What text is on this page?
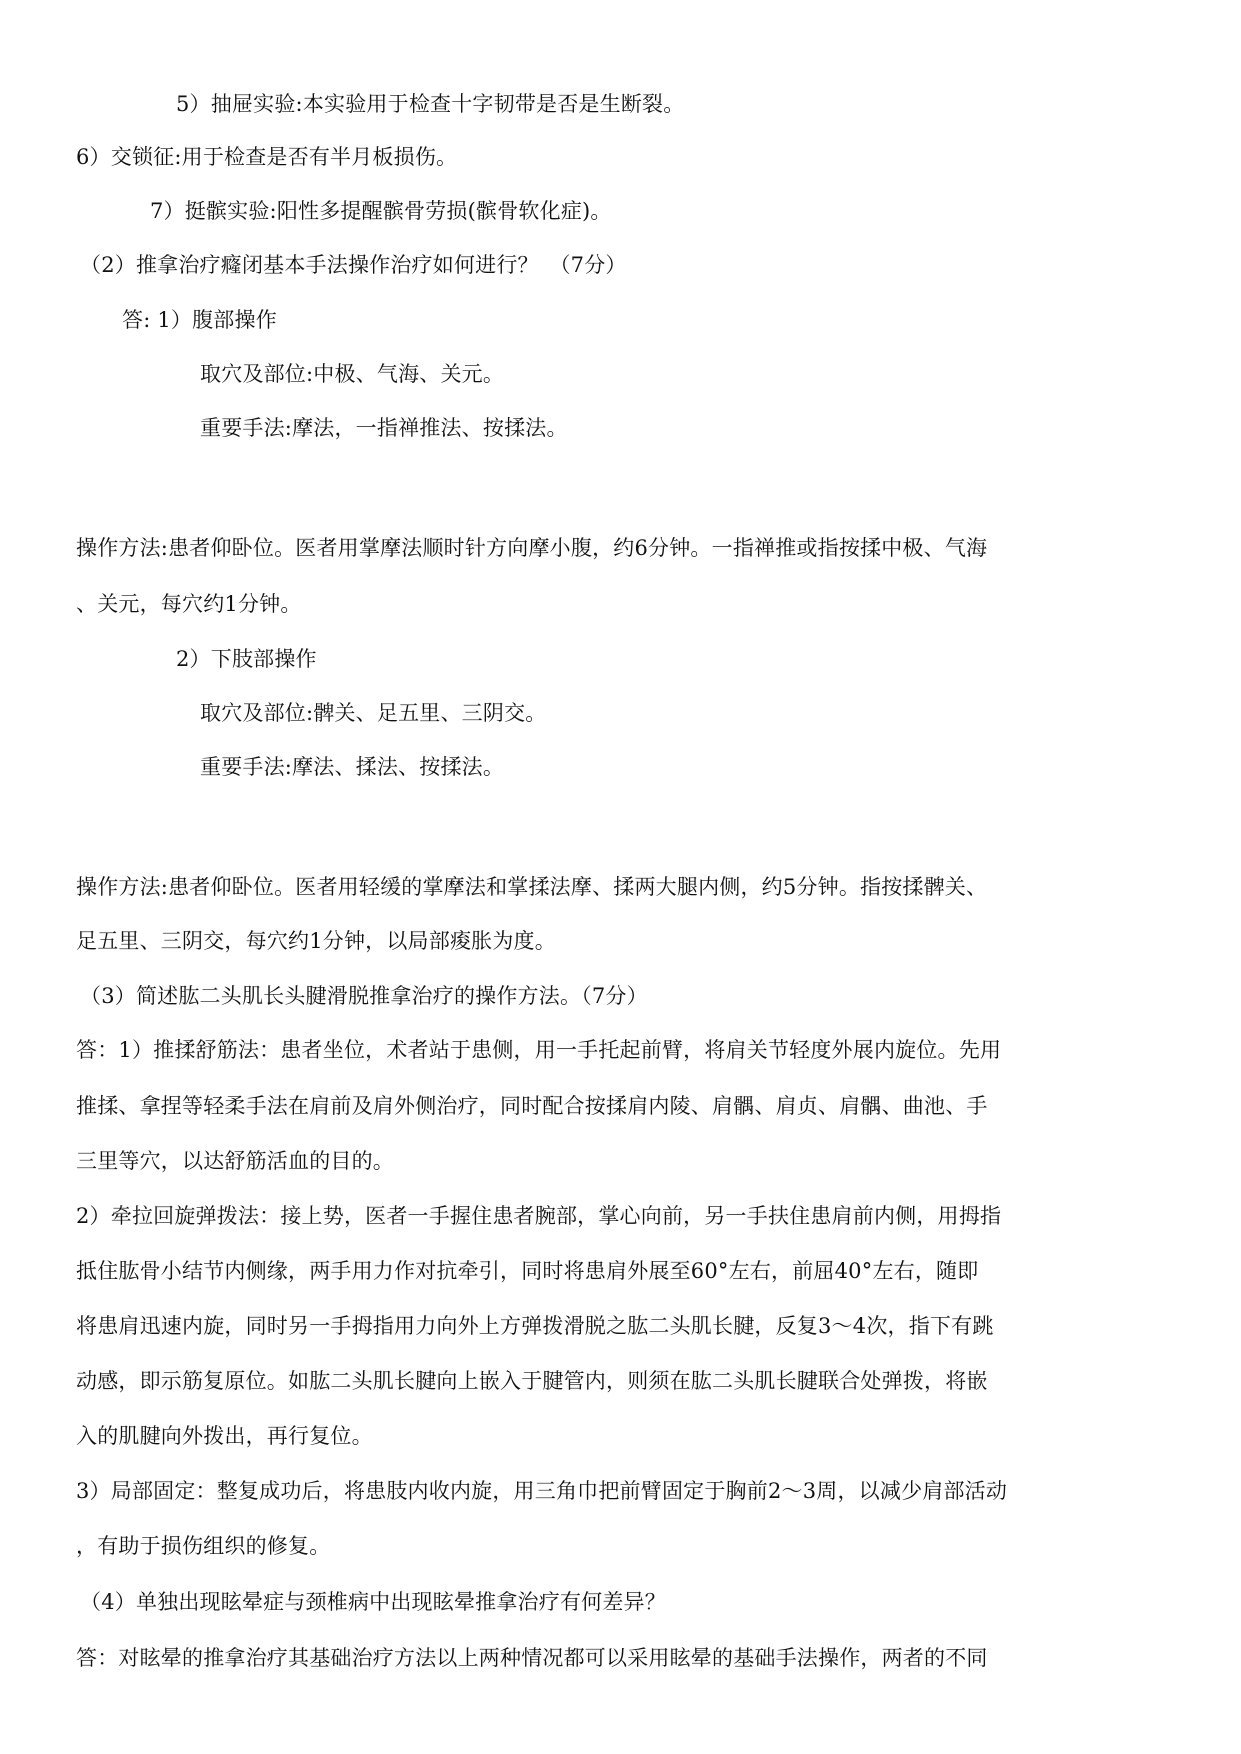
5）抽屉实验:本实验用于检查十字韧带是否是生断裂。
6）交锁征:用于检查是否有半月板损伤。
7）挺髌实验:阳性多提醒髌骨劳损(髌骨软化症)。
（2）推拿治疗癃闭基本手法操作治疗如何进行？　（7分）
答: 1）腹部操作
取穴及部位:中极、气海、关元。
重要手法:摩法，一指禅推法、按揉法。
操作方法:患者仰卧位。医者用掌摩法顺时针方向摩小腹，约6分钟。一指禅推或指按揉中极、气海
、关元，每穴约1分钟。
2）下肢部操作
取穴及部位:髀关、足五里、三阴交。
重要手法:摩法、揉法、按揉法。
操作方法:患者仰卧位。医者用轻缓的掌摩法和掌揉法摩、揉两大腿内侧，约5分钟。指按揉髀关、
足五里、三阴交，每穴约1分钟，以局部痠胀为度。
（3）简述肱二头肌长头腱滑脱推拿治疗的操作方法。（7分）
答：1）推揉舒筋法：患者坐位，术者站于患侧，用一手托起前臂，将肩关节轻度外展内旋位。先用
推揉、拿捏等轻柔手法在肩前及肩外侧治疗，同时配合按揉肩内陵、肩髃、肩贞、肩髃、曲池、手
三里等穴，以达舒筋活血的目的。
2）牵拉回旋弹拨法：接上势，医者一手握住患者腕部，掌心向前，另一手扶住患肩前内侧，用拇指
抵住肱骨小结节内侧缘，两手用力作对抗牵引，同时将患肩外展至60°左右，前屈40°左右，随即
将患肩迅速内旋，同时另一手拇指用力向外上方弹拨滑脱之肱二头肌长腱，反复3～4次，指下有跳
动感，即示筋复原位。如肱二头肌长腱向上嵌入于腱管内，则须在肱二头肌长腱联合处弹拨，将嵌
入的肌腱向外拨出，再行复位。
3）局部固定：整复成功后，将患肢内收内旋，用三角巾把前臂固定于胸前2～3周，以减少肩部活动
，有助于损伤组织的修复。
（4）单独出现眩晕症与颈椎病中出现眩晕推拿治疗有何差异？
答：对眩晕的推拿治疗其基础治疗方法以上两种情况都可以采用眩晕的基础手法操作，两者的不同
